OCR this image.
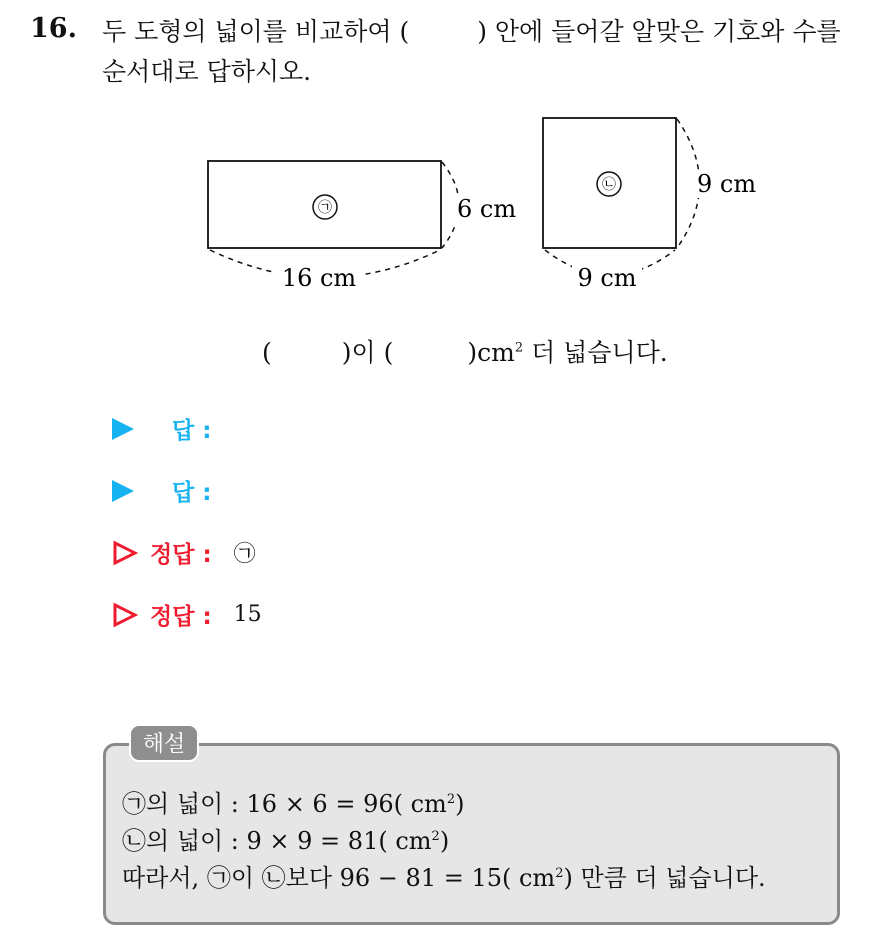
16. 두 도형의 넓이를 비교하여 (	) 안에 들어갈 알맞은 기호와 수를
순서대로 답하시오.
㉠
㉡
16 cm
6 cm
9 cm
9 cm
(	)이 (	)$cm^2$ 더 넓습니다.
답 :
답 :
정답 : ㉠
정답 : 15
해설
㉠의 넓이 : 16 × 6 = 96( $cm^2$)
㉡의 넓이 : 9 × 9 = 81( $cm^2$)
따라서, ㉠이 ㉡보다 96 − 81 = 15( $cm^2$) 만큼 더 넓습니다.
